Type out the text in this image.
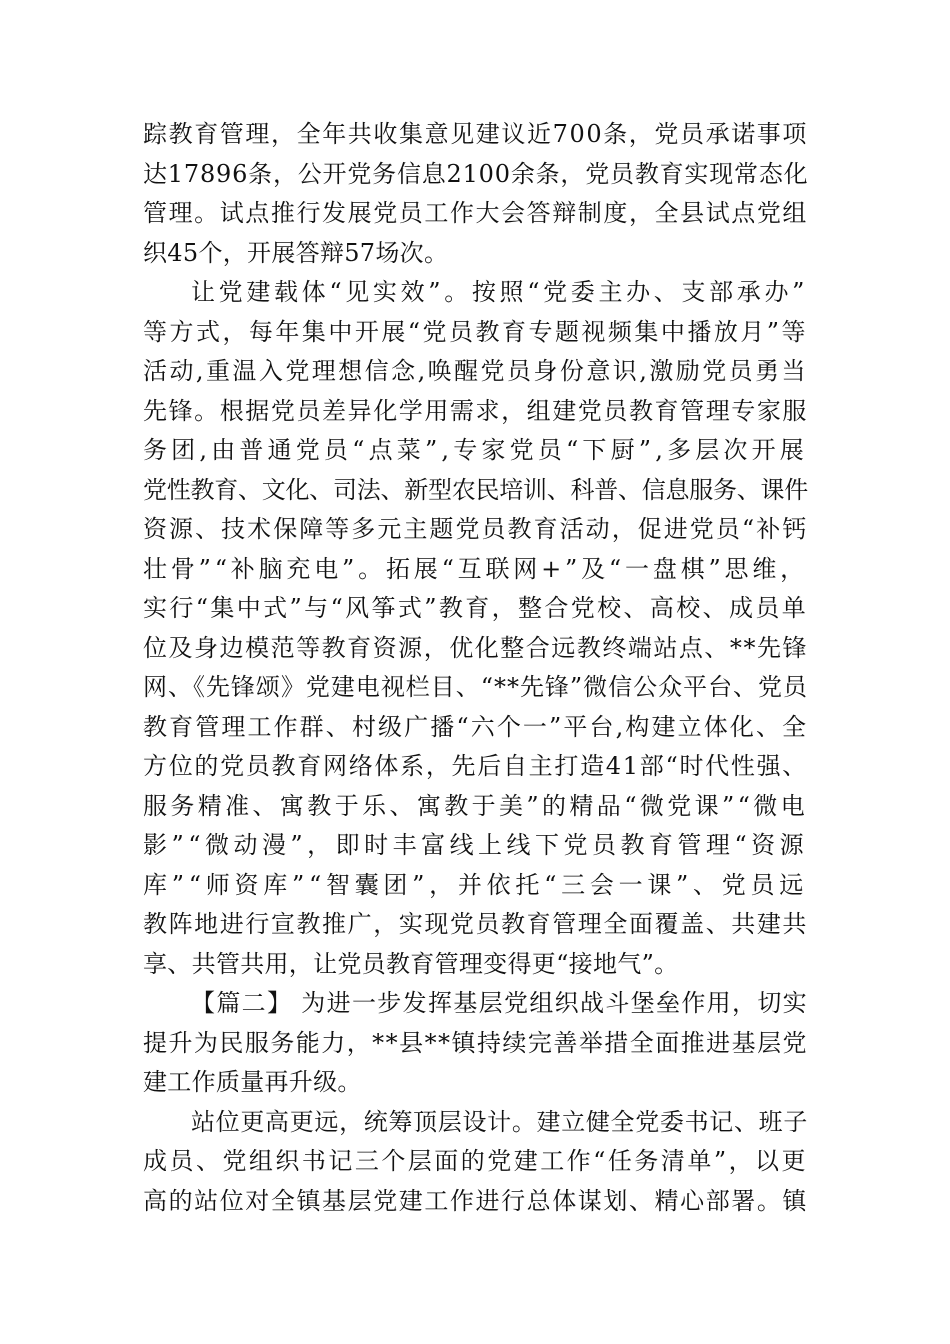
踪教育管理，全年共收集意见建议近700条，党员承诺事项
达17896条，公开党务信息2100余条，党员教育实现常态化
管理。试点推行发展党员工作大会答辩制度，全县试点党组
织45个，开展答辩57场次。
让党建载体“见实效”。按照“党委主办、支部承办”
等方式，每年集中开展“党员教育专题视频集中播放月”等
活动,重温入党理想信念,唤醒党员身份意识,激励党员勇当
先锋。根据党员差异化学用需求，组建党员教育管理专家服
务团,由普通党员“点菜”,专家党员“下厨”,多层次开展
党性教育、文化、司法、新型农民培训、科普、信息服务、课件
资源、技术保障等多元主题党员教育活动，促进党员“补钙
壮骨”“补脑充电”。拓展“互联网+”及“一盘棋”思维，
实行“集中式”与“风筝式”教育，整合党校、高校、成员单
位及身边模范等教育资源，优化整合远教终端站点、**先锋
网、《先锋颂》党建电视栏目、“**先锋”微信公众平台、党员
教育管理工作群、村级广播“六个一”平台,构建立体化、全
方位的党员教育网络体系，先后自主打造41部“时代性强、
服务精准、寓教于乐、寓教于美”的精品“微党课”“微电
影”“微动漫”，即时丰富线上线下党员教育管理“资源
库”“师资库”“智囊团”，并依托“三会一课”、党员远
教阵地进行宣教推广，实现党员教育管理全面覆盖、共建共
享、共管共用，让党员教育管理变得更“接地气”。
【篇二】 为进一步发挥基层党组织战斗堡垒作用，切实
提升为民服务能力，**县**镇持续完善举措全面推进基层党
建工作质量再升级。
站位更高更远，统筹顶层设计。建立健全党委书记、班子
成员、党组织书记三个层面的党建工作“任务清单”，以更
高的站位对全镇基层党建工作进行总体谋划、精心部署。镇
